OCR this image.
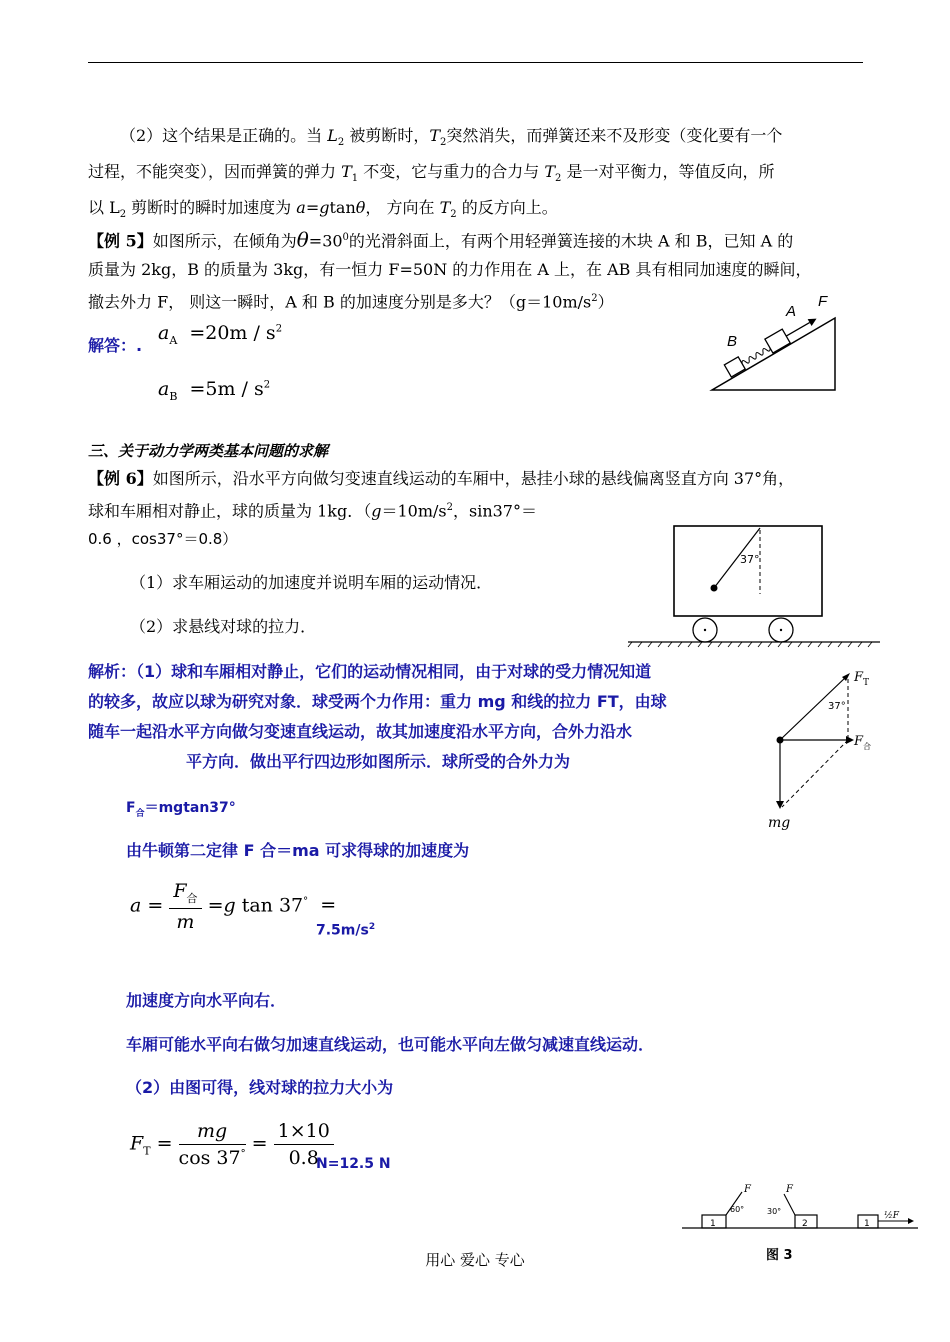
（2）这个结果是正确的。当 $L_2$ 被剪断时，$T_2$突然消失，而弹簧还来不及形变（变化要有一个
过程，不能突变），因而弹簧的弹力 $T_1$ 不变，它与重力的合力与 $T_2$ 是一对平衡力，等值反向，所
以 $L_2$ 剪断时的瞬时加速度为 a=gtanθ， 方向在 $T_2$ 的反方向上。
【例 5】如图所示，在倾角为$\theta=30^0$的光滑斜面上，有两个用轻弹簧连接的木块 A 和 B，已知 A 的
质量为 2kg，B 的质量为 3kg，有一恒力 F=50N 的力作用在 A 上，在 AB 具有相同加速度的瞬间，
撤去外力 F， 则这一瞬时，A 和 B 的加速度分别是多大？$(g=10m/s^2)$
解答：.
$a_A =20m / s^2$
$a_B =5m / s^2$
A
F
B
三、关于动力学两类基本问题的求解
【例 6】如图所示，沿水平方向做匀变速直线运动的车厢中，悬挂小球的悬线偏离竖直方向 37°角，
球和车厢相对静止，球的质量为 1kg．（$g=10m/s^2$，sin37°＝
0.6 ，cos37°＝0.8）
（1）求车厢运动的加速度并说明车厢的运动情况．
（2）求悬线对球的拉力．
37°
解析：（1）球和车厢相对静止，它们的运动情况相同，由于对球的受力情况知道
的较多，故应以球为研究对象．球受两个力作用：重力 mg 和线的拉力 FT，由球
随车一起沿水平方向做匀变速直线运动，故其加速度沿水平方向，合外力沿水
平方向．做出平行四边形如图所示．球所受的合外力为
F T
F 合
mg
37°
$F_合=mgtan37^\circ$
由牛顿第二定律 F 合＝ma 可求得球的加速度为
$a = \frac{F_合}{m} =g$ tan 37° =
$7.5m/s^2$
加速度方向水平向右．
车厢可能水平向右做匀加速直线运动，也可能水平向左做匀减速直线运动．
（2）由图可得，线对球的拉力大小为
$F_T = \frac{mg}{\cos 37^\circ} = \frac{1\times 10}{0.8}$
N=12.5 N
1
F
60°
2
F
30°
1
½F
图 3
用心 爱心 专心
